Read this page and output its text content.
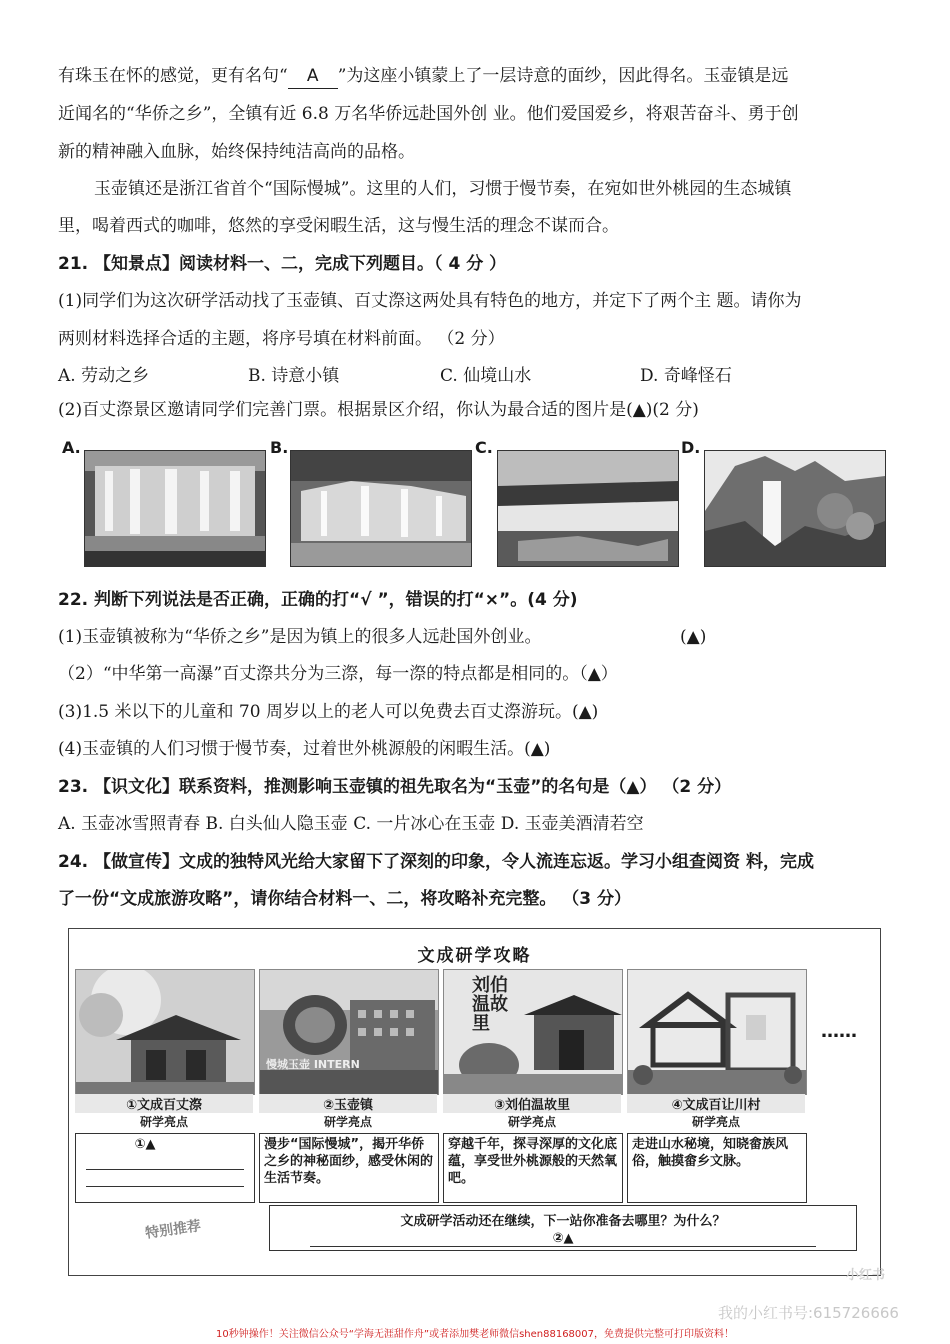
有珠玉在怀的感觉，更有名句“ A ”为这座小镇蒙上了一层诗意的面纱，因此得名。玉壶镇是远
近闻名的“华侨之乡”，全镇有近 6.8 万名华侨远赴国外创 业。他们爱国爱乡，将艰苦奋斗、勇于创
新的精神融入血脉，始终保持纯洁高尚的品格。
玉壶镇还是浙江省首个“国际慢城”。这里的人们，习惯于慢节奏，在宛如世外桃园的生态城镇
里，喝着西式的咖啡，悠然的享受闲暇生活，这与慢生活的理念不谋而合。
21. 【知景点】阅读材料一、二，完成下列题目。（ 4 分 ）
(1)同学们为这次研学活动找了玉壶镇、百丈漈这两处具有特色的地方，并定下了两个主 题。请你为
两则材料选择合适的主题，将序号填在材料前面。 （2 分）
A. 劳动之乡	B. 诗意小镇	C. 仙境山水	D. 奇峰怪石
(2)百丈漈景区邀请同学们完善门票。根据景区介绍，你认为最合适的图片是(▲)(2 分)
A.	B.	C.	D.
22. 判断下列说法是否正确，正确的打“√ ”，错误的打“×”。(4 分)
(1)玉壶镇被称为“华侨之乡”是因为镇上的很多人远赴国外创业。	(▲)
（2）“中华第一高瀑”百丈漈共分为三漈，每一漈的特点都是相同的。（▲）
(3)1.5 米以下的儿童和 70 周岁以上的老人可以免费去百丈漈游玩。(▲)
(4)玉壶镇的人们习惯于慢节奏，过着世外桃源般的闲暇生活。(▲)
23. 【识文化】联系资料，推测影响玉壶镇的祖先取名为“玉壶”的名句是（▲） （2 分）
A. 玉壶冰雪照青春 B. 白头仙人隐玉壶 C. 一片冰心在玉壶 D. 玉壶美酒清若空
24. 【做宣传】文成的独特风光给大家留下了深刻的印象，令人流连忘返。学习小组查阅资 料，完成
了一份“文成旅游攻略”，请你结合材料一、二，将攻略补充完整。 （3 分）
文成研学攻略
①文成百丈漈
研学亮点
①▲
慢城玉壶 INTERN
②玉壶镇
研学亮点
漫步“国际慢城”，揭开华侨之乡的神秘面纱，感受休闲的生活节奏。
刘伯温故里
③刘伯温故里
研学亮点
穿越千年，探寻深厚的文化底蕴，享受世外桃源般的天然氧吧。
④文成百让川村
研学亮点
走进山水秘境，知晓畲族风俗，触摸畲乡文脉。
……
特别推荐	文成研学活动还在继续，下一站你准备去哪里？为什么？
②▲
小红书
我的小红书号:615726666
10秒钟操作！关注微信公众号“学海无涯甜作舟”或者添加樊老师微信shen88168007，免费提供完整可打印版资料！
